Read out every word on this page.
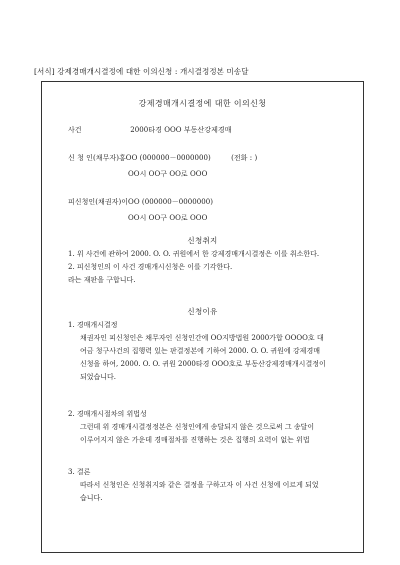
[서식] 강제경매개시결정에 대한 이의신청 : 개시결정정본 미송달
강제경매개시결정에 대한 이의신청
사건	2000타경 OOO 부동산강제경매
신 청 인(채무자)홍OO (000000－0000000)	(전화 : )
OO시 OO구 OO로 OOO
피신청인(채권자)이OO (000000－0000000)
OO시 OO구 OO로 OOO
신청취지
1. 위 사건에 관하여 2000. O. O. 귀원에서 한 강제경매개시결정은 이를 취소한다.
2. 피신청인의 이 사건 경매개시신청은 이를 기각한다.
라는 재판을 구합니다.
신청이유
1. 경매개시결정
채권자인 피신청인은 채무자인 신청인간에 OO지방법원 2000가합 OOOO호 대
여금 청구사건의 집행력 있는 판결정본에 기하여 2000. O. O. 귀원에 강제경매
신청을 하여, 2000. O. O. 귀원 2000타경 OOO호로 부동산강제경매개시결정이
되었습니다.
2. 경매개시절차의 위법성
그런데 위 경매개시결정정본은 신청인에게 송달되지 않은 것으로써 그 송달이
이루어지지 않은 가운데 경매절차를 진행하는 것은 집행의 요력이 없는 위법
3. 결론
따라서 신청인은 신청취지와 같은 결정을 구하고자 이 사건 신청에 이르게 되었
습니다.
